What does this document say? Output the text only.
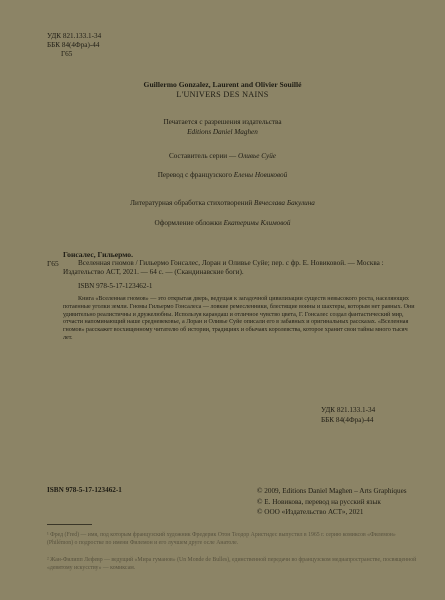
УДК 821.133.1-34
ББК 84(4Фра)-44
Г65
Guillermo Gonzalez, Laurent and Olivier Souillé
L'UNIVERS DES NAINS
Печатается с разрешения издательства
Editions Daniel Maghen
Составитель серии — Оливье Суйе
Перевод с французского Елены Новиковой
Литературная обработка стихотворений Вячеслава Бакулина
Оформление обложки Екатерины Климовой
Гонсалес, Гильермо.
Г65	Вселенная гномов / Гильермо Гонсалес, Лоран и Оливье Суйе; пер. с фр. Е. Новиковой. — Москва : Издательство АСТ, 2021. — 64 с. — (Скандинавские боги).
ISBN 978-5-17-123462-1
Книга «Вселенная гномов» — это открытая дверь, ведущая к загадочной цивилизации существ невысокого роста, населяющих потаенные уголки земли. Гномы Гильермо Гонсалеса — ловкие ремесленники, блестящие воины и шахтеры, которым нет равных. Они удивительно реалистичны и дружелюбны. Используя карандаш и отличное чувство цвета, Г. Гонсалес создал фантастический мир, отчасти напоминающий наше средневековье, а Лоран и Оливье Суйе описали его в забавных и оригинальных рассказах. «Вселенная гномов» расскажет восхищенному читателю об истории, традициях и обычаях королевства, которое хранит свои тайны много тысяч лет.
УДК 821.133.1-34
ББК 84(4Фра)-44
ISBN 978-5-17-123462-1	© 2009, Editions Daniel Maghen – Arts Graphiques
© Е. Новикова, перевод на русский язык
© ООО «Издательство АСТ», 2021
¹ Фред (Fred) — имя, под которым французский художник Фредерик Отон Теодор Аристидес выпустил в 1965 г. серию комиксов «Филемон» (Philémon) о подростке по имени Филемон и его лучшем друге осле Анатоле.
² Жан-Филипп Лефевр — ведущий «Мира гуманов» (Un Monde de Bulles), единственной передачи во французском медиапространстве, посвященной «девятому искусству» — комиксам.
